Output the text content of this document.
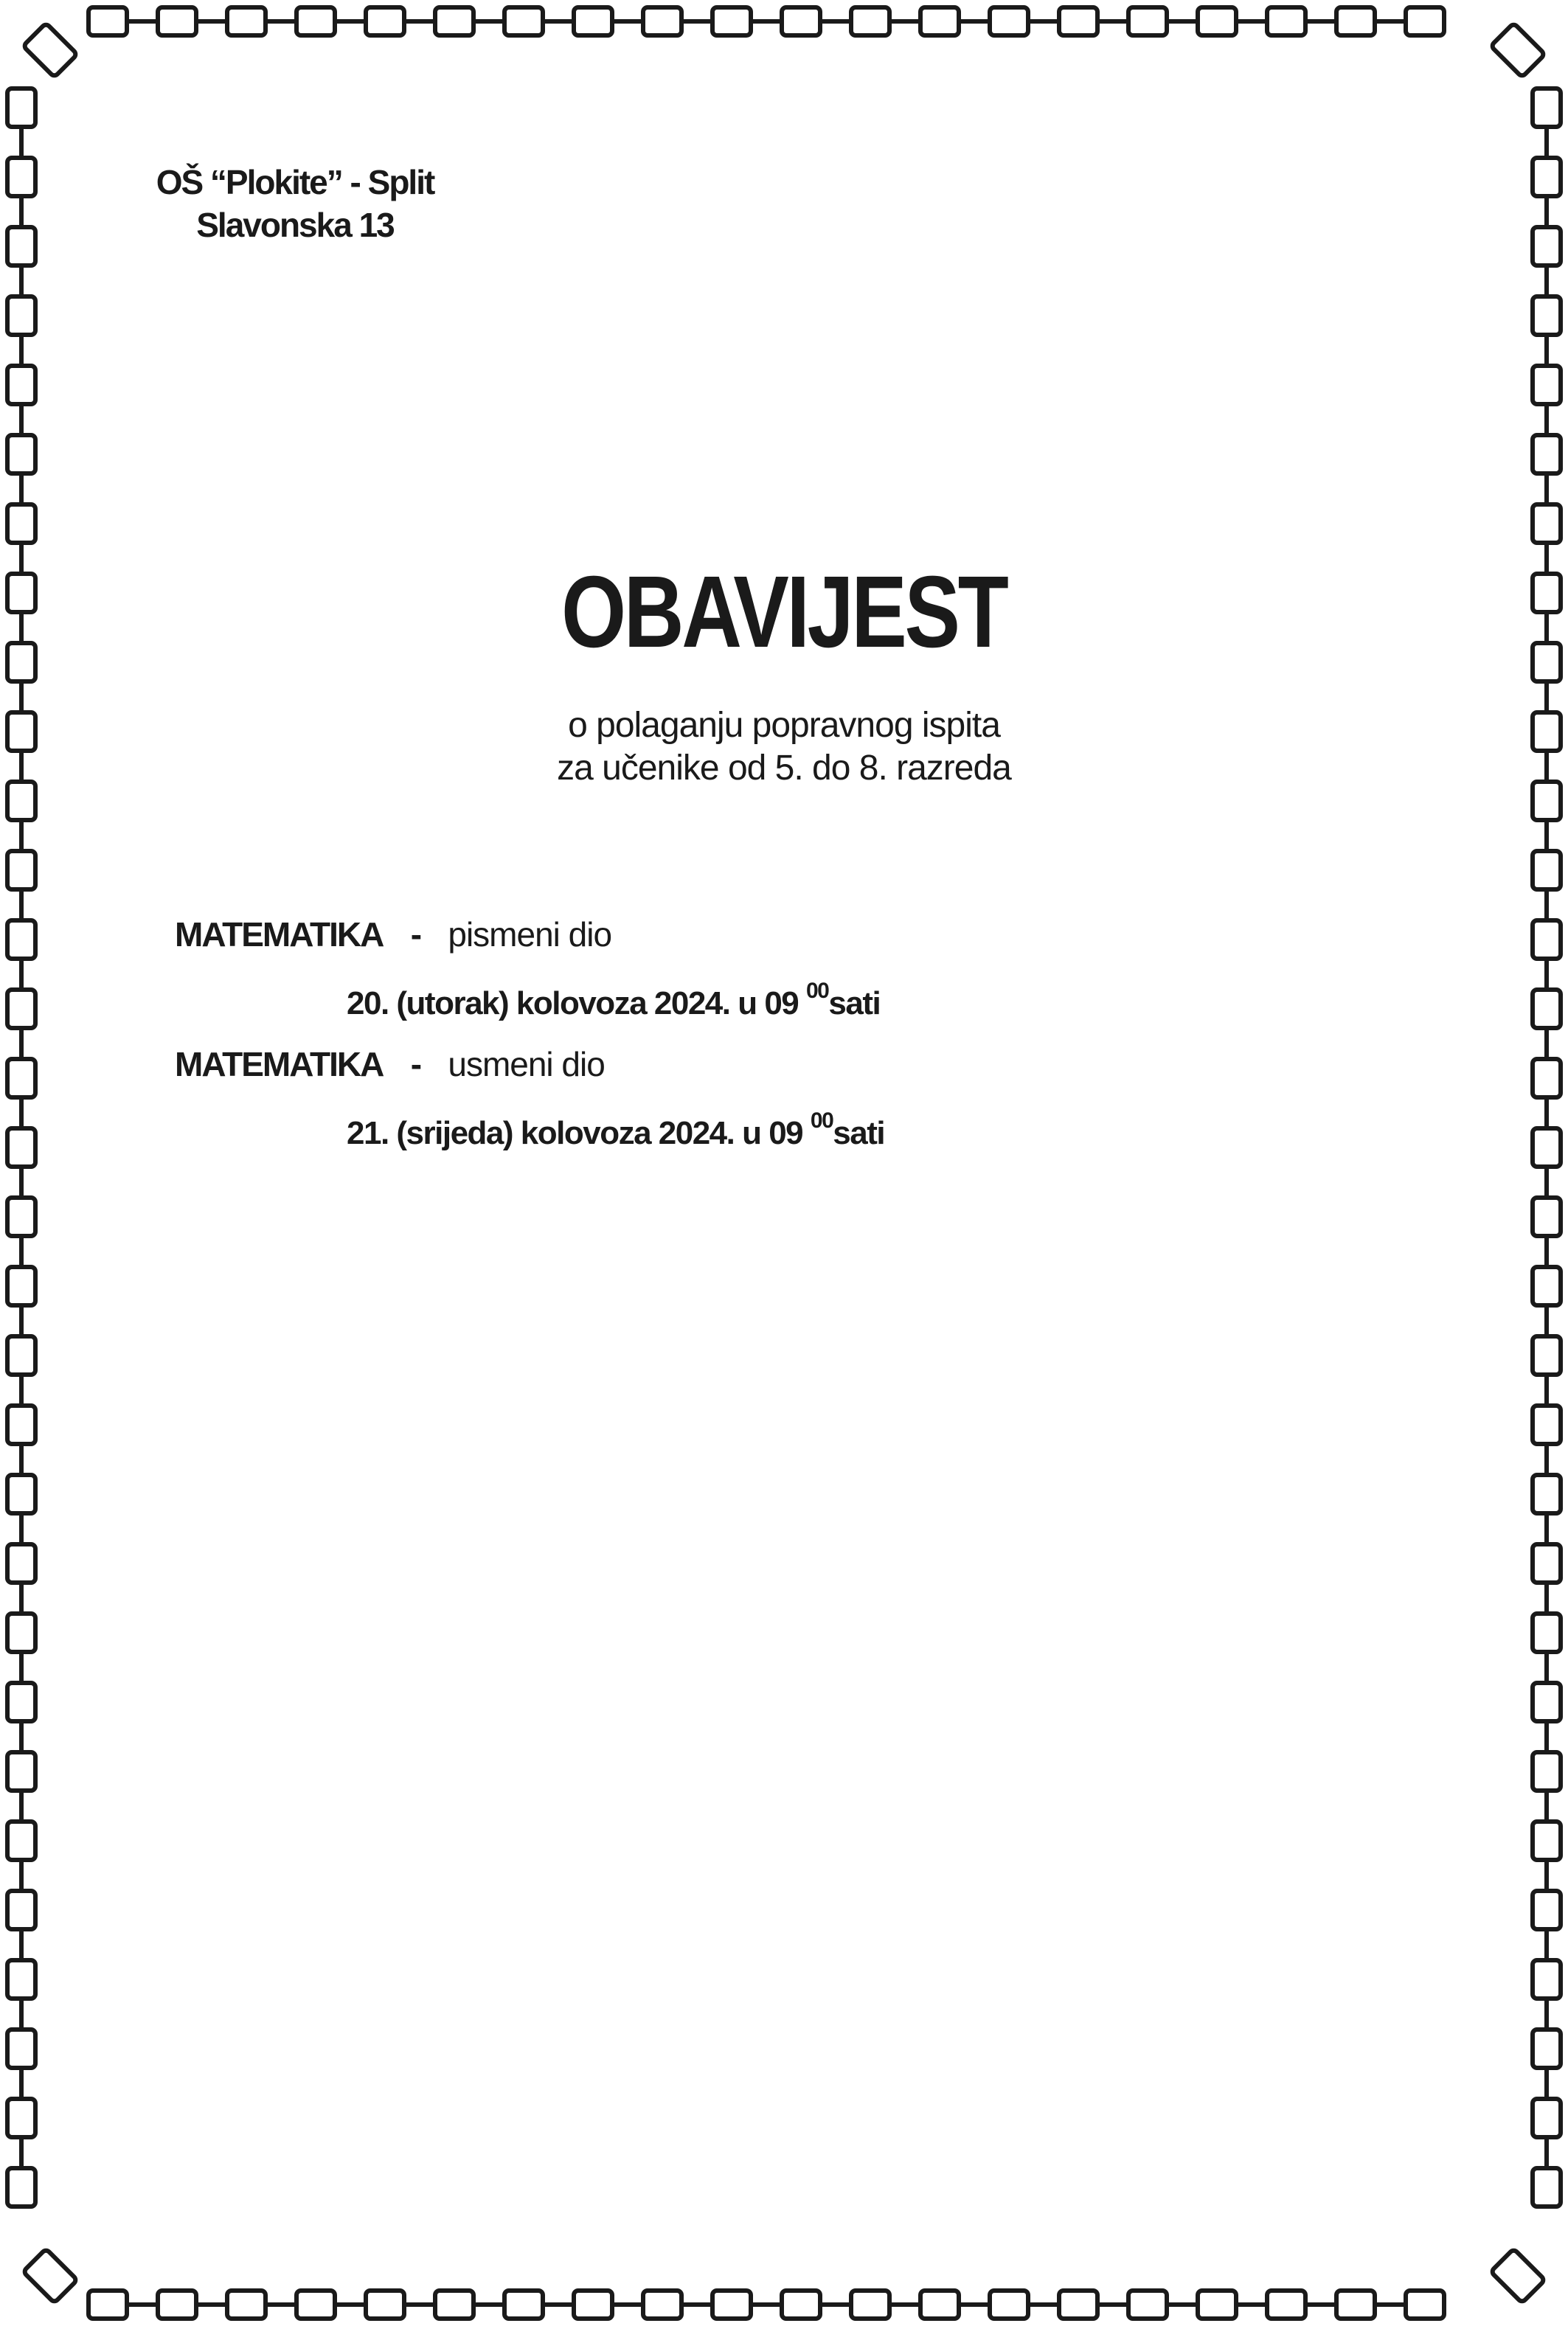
OŠ “Plokite” - Split
Slavonska 13
OBAVIJEST
o polaganju popravnog ispita
za učenike od 5. do 8. razreda
MATEMATIKA - pismeni dio
20. (utorak) kolovoza 2024. u 09 $^{00}$sati
MATEMATIKA - usmeni dio
21. (srijeda) kolovoza 2024. u 09 $^{00}$sati
